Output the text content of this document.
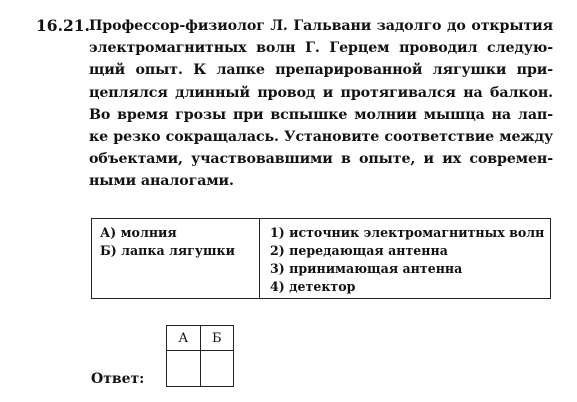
16.21. Профессор-физиолог Л. Гальвани задолго до открытия
электромагнитных волн Г. Герцем проводил следую-
щий опыт. К лапке препарированной лягушки при-
цеплялся длинный провод и протягивался на балкон.
Во время грозы при вспышке молнии мышца на лап-
ке резко сокращалась. Установите соответствие между
объектами, участвовавшими в опыте, и их современ-
ными аналогами.
А) молния
Б) лапка лягушки
1) источник электромагнитных волн
2) передающая антенна
3) принимающая антенна
4) детектор
Ответ:
А	Б
